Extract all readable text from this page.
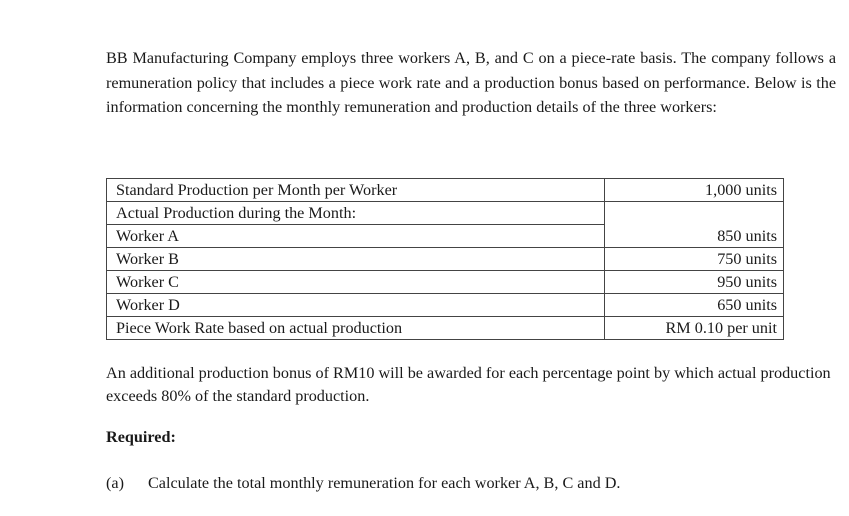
BB Manufacturing Company employs three workers A, B, and C on a piece-rate basis. The company follows a remuneration policy that includes a piece work rate and a production bonus based on performance. Below is the information concerning the monthly remuneration and production details of the three workers:

Standard Production per Month per Worker	1,000 units
Actual Production during the Month:	
Worker A	850 units
Worker B	750 units
Worker C	950 units
Worker D	650 units
Piece Work Rate based on actual production	RM 0.10 per unit

An additional production bonus of RM10 will be awarded for each percentage point by which actual production exceeds 80% of the standard production.

Required:

(a) Calculate the total monthly remuneration for each worker A, B, C and D.
